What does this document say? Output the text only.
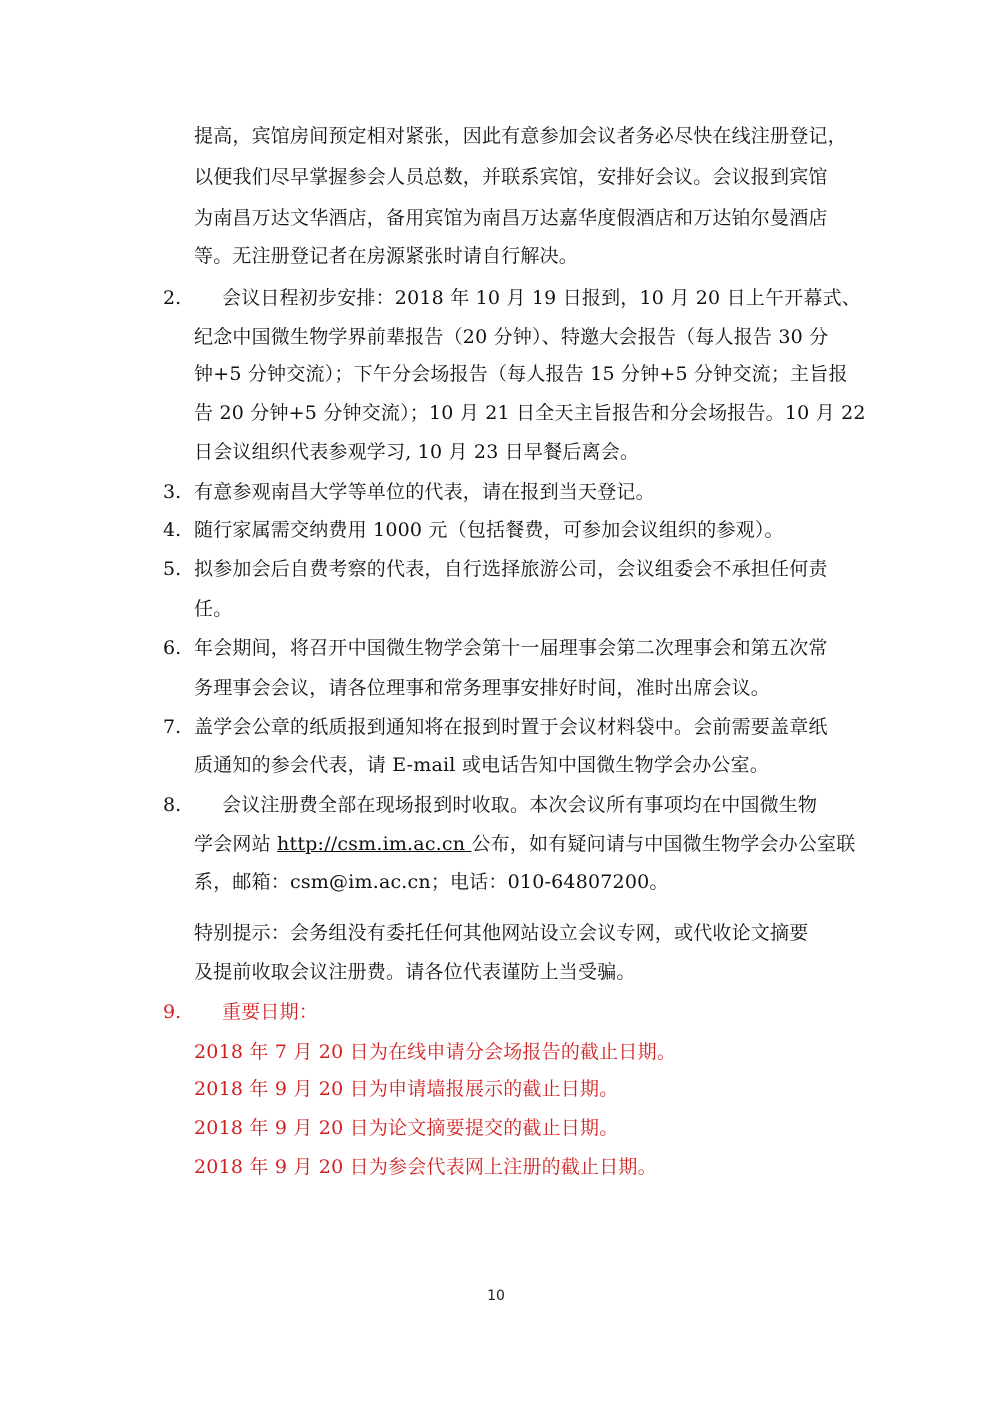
提高，宾馆房间预定相对紧张，因此有意参加会议者务必尽快在线注册登记，
以便我们尽早掌握参会人员总数，并联系宾馆，安排好会议。会议报到宾馆
为南昌万达文华酒店，备用宾馆为南昌万达嘉华度假酒店和万达铂尔曼酒店
等。无注册登记者在房源紧张时请自行解决。
2. 会议日程初步安排：2018 年 10 月 19 日报到，10 月 20 日上午开幕式、
纪念中国微生物学界前辈报告（20 分钟）、特邀大会报告（每人报告 30 分
钟+5 分钟交流）；下午分会场报告（每人报告 15 分钟+5 分钟交流；主旨报
告 20 分钟+5 分钟交流）；10 月 21 日全天主旨报告和分会场报告。10 月 22
日会议组织代表参观学习, 10 月 23 日早餐后离会。
3. 有意参观南昌大学等单位的代表，请在报到当天登记。
4. 随行家属需交纳费用 1000 元（包括餐费，可参加会议组织的参观）。
5. 拟参加会后自费考察的代表，自行选择旅游公司，会议组委会不承担任何责
任。
6. 年会期间，将召开中国微生物学会第十一届理事会第二次理事会和第五次常
务理事会会议，请各位理事和常务理事安排好时间，准时出席会议。
7. 盖学会公章的纸质报到通知将在报到时置于会议材料袋中。会前需要盖章纸
质通知的参会代表，请 E-mail 或电话告知中国微生物学会办公室。
8. 会议注册费全部在现场报到时收取。本次会议所有事项均在中国微生物
学会网站 http://csm.im.ac.cn 公布，如有疑问请与中国微生物学会办公室联
系，邮箱：csm@im.ac.cn；电话：010-64807200。
特别提示：会务组没有委托任何其他网站设立会议专网，或代收论文摘要
及提前收取会议注册费。请各位代表谨防上当受骗。
9. 重要日期：
2018 年 7 月 20 日为在线申请分会场报告的截止日期。
2018 年 9 月 20 日为申请墙报展示的截止日期。
2018 年 9 月 20 日为论文摘要提交的截止日期。
2018 年 9 月 20 日为参会代表网上注册的截止日期。
10
